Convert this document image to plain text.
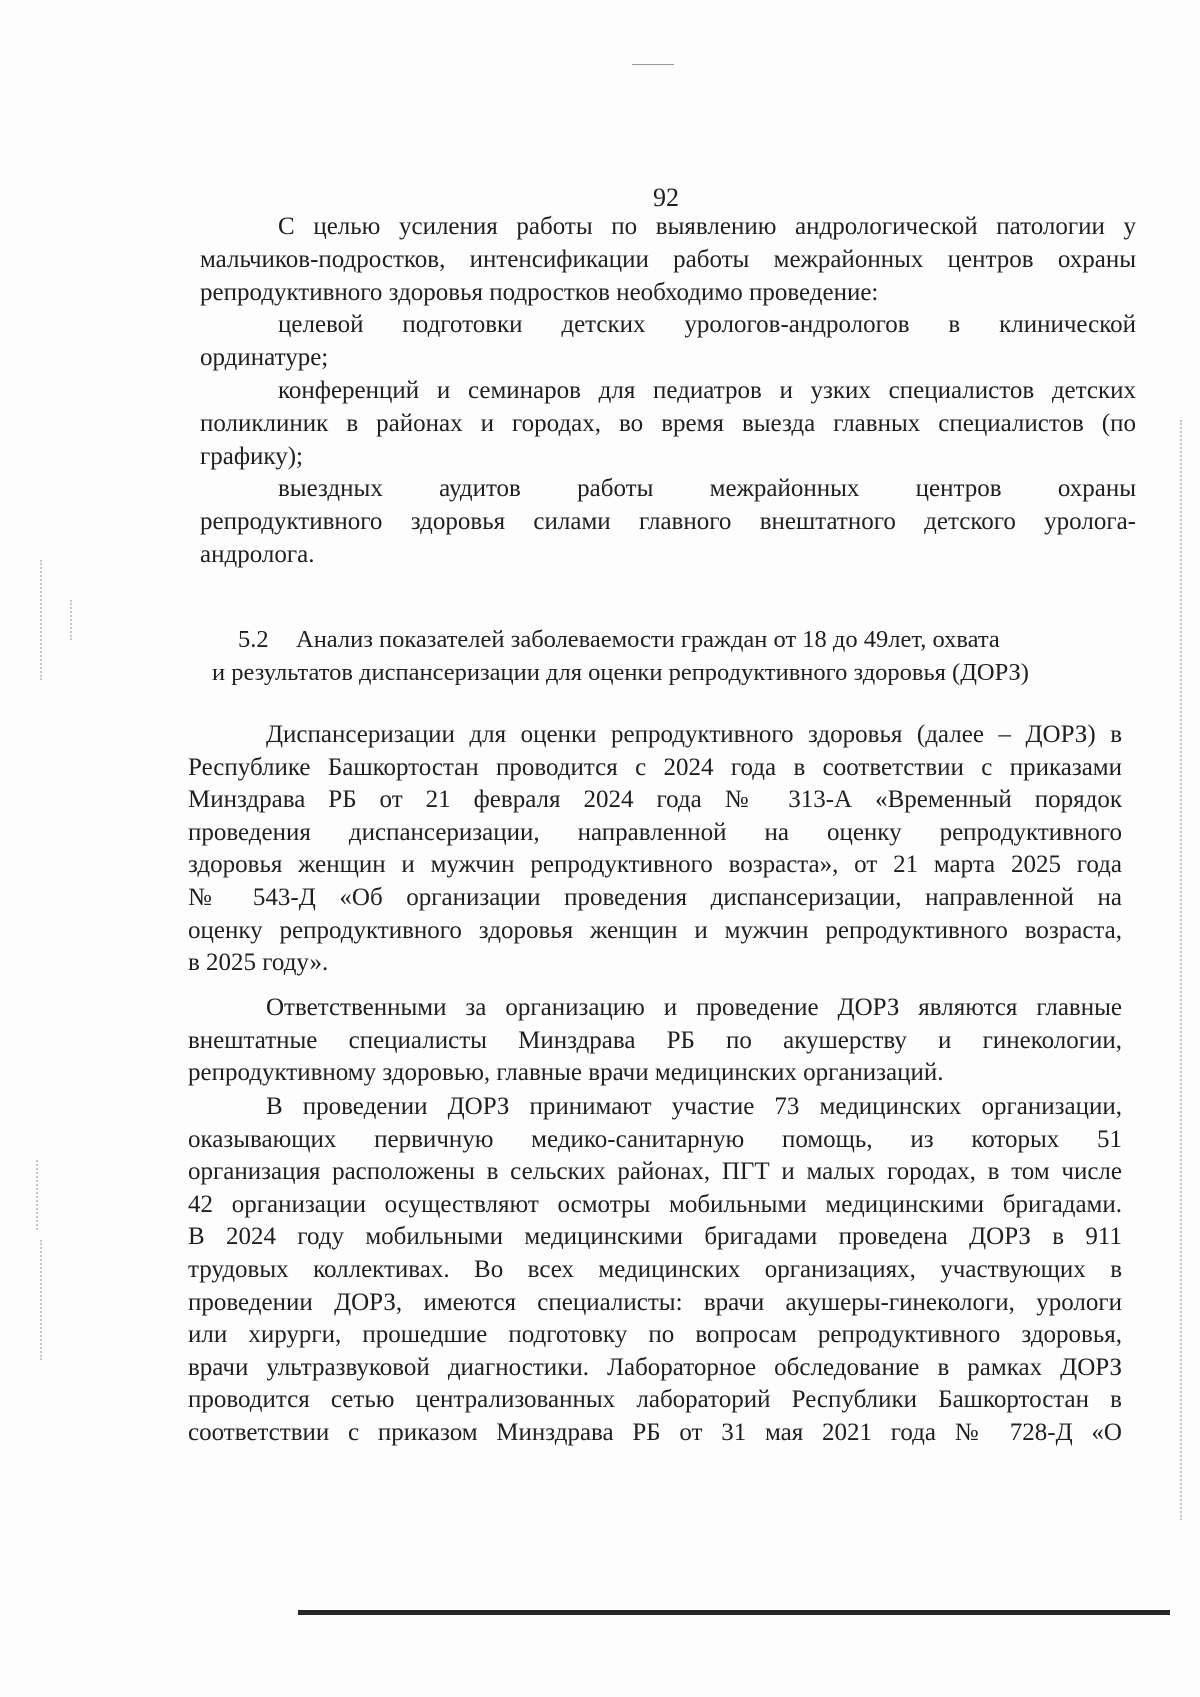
92

С целью усиления работы по выявлению андрологической патологии у
мальчиков-подростков, интенсификации работы межрайонных центров охраны
репродуктивного здоровья подростков необходимо проведение:

целевой подготовки детских урологов-андрологов в клинической
ординатуре;

конференций и семинаров для педиатров и узких специалистов детских
поликлиник в районах и городах, во время выезда главных специалистов (по
графику);

выездных аудитов работы межрайонных центров охраны
репродуктивного здоровья силами главного внештатного детского уролога-
андролога.

5.2 Анализ показателей заболеваемости граждан от 18 до 49лет, охвата
и результатов диспансеризации для оценки репродуктивного здоровья (ДОРЗ)

Диспансеризации для оценки репродуктивного здоровья (далее – ДОРЗ) в
Республике Башкортостан проводится с 2024 года в соответствии с приказами
Минздрава РБ от 21 февраля 2024 года № 313-А «Временный порядок
проведения диспансеризации, направленной на оценку репродуктивного
здоровья женщин и мужчин репродуктивного возраста», от 21 марта 2025 года
№ 543-Д «Об организации проведения диспансеризации, направленной на
оценку репродуктивного здоровья женщин и мужчин репродуктивного возраста,
в 2025 году».

Ответственными за организацию и проведение ДОРЗ являются главные
внештатные специалисты Минздрава РБ по акушерству и гинекологии,
репродуктивному здоровью, главные врачи медицинских организаций.

В проведении ДОРЗ принимают участие 73 медицинских организации,
оказывающих первичную медико-санитарную помощь, из которых 51
организация расположены в сельских районах, ПГТ и малых городах, в том числе
42 организации осуществляют осмотры мобильными медицинскими бригадами.
В 2024 году мобильными медицинскими бригадами проведена ДОРЗ в 911
трудовых коллективах. Во всех медицинских организациях, участвующих в
проведении ДОРЗ, имеются специалисты: врачи акушеры-гинекологи, урологи
или хирурги, прошедшие подготовку по вопросам репродуктивного здоровья,
врачи ультразвуковой диагностики. Лабораторное обследование в рамках ДОРЗ
проводится сетью централизованных лабораторий Республики Башкортостан в
соответствии с приказом Минздрава РБ от 31 мая 2021 года № 728-Д «О
